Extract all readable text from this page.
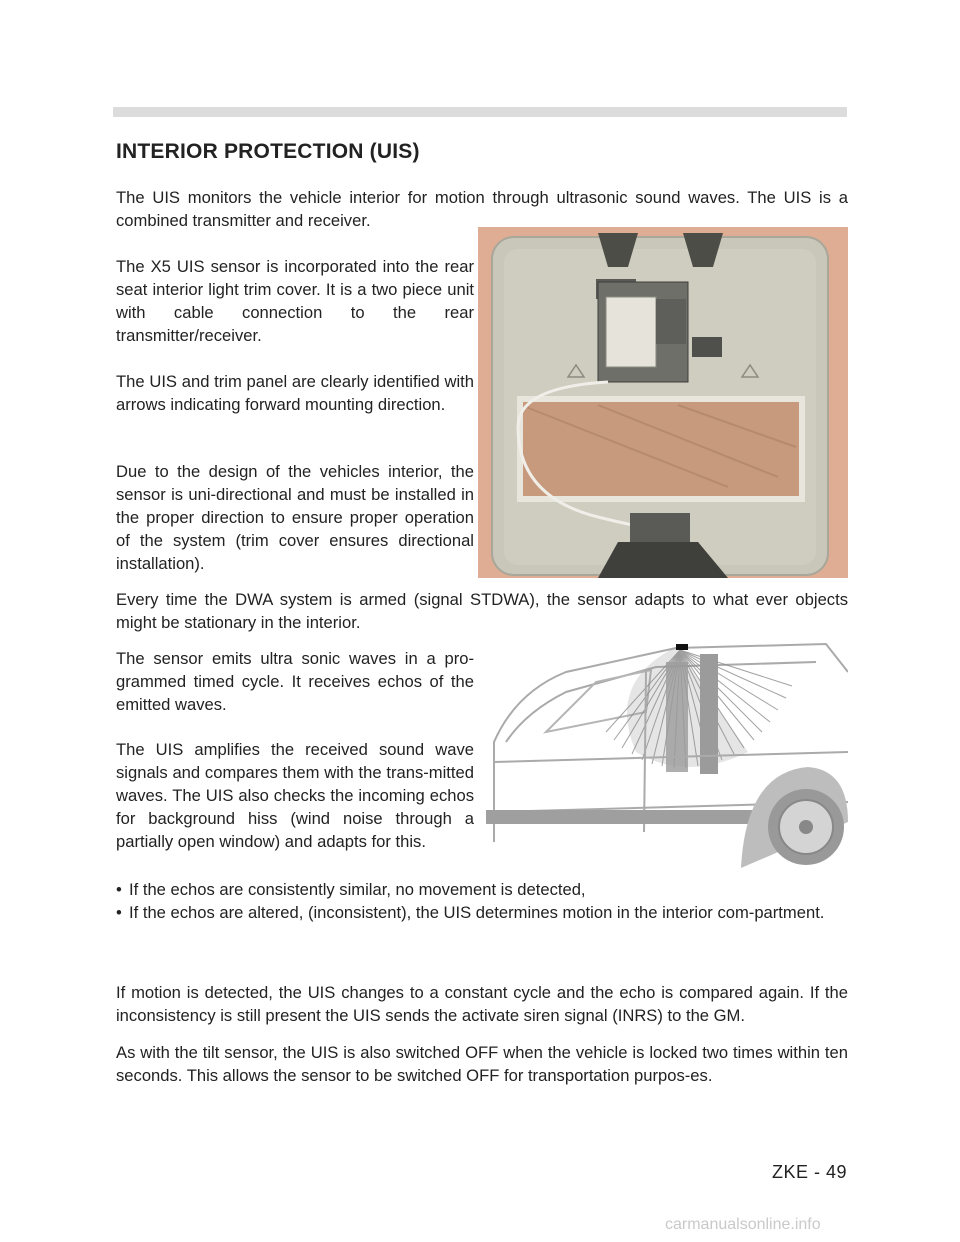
INTERIOR PROTECTION (UIS)

The UIS monitors the vehicle interior for motion through ultrasonic sound waves. The UIS is a combined transmitter and receiver.

The X5 UIS sensor is incorporated into the rear seat interior light trim cover. It is a two piece unit with cable connection to the rear transmitter/receiver.

The UIS and trim panel are clearly identified with arrows indicating forward mounting direction.

Due to the design of the vehicles interior, the sensor is uni-directional and must be installed in the proper direction to ensure proper operation of the system (trim cover ensures directional installation).

Every time the DWA system is armed (signal STDWA), the sensor adapts to what ever objects might be stationary in the interior.

The sensor emits ultra sonic waves in a pro-grammed timed cycle. It receives echos of the emitted waves.

The UIS amplifies the received sound wave signals and compares them with the trans-mitted waves. The UIS also checks the incoming echos for background hiss (wind noise through a partially open window) and adapts for this.

• If the echos are consistently similar, no movement is detected,
• If the echos are altered, (inconsistent), the UIS determines motion in the interior com-partment.

If motion is detected, the UIS changes to a constant cycle and the echo is compared again. If the inconsistency is still present the UIS sends the activate siren signal (INRS) to the GM.

As with the tilt sensor, the UIS is also switched OFF when the vehicle is locked two times within ten seconds. This allows the sensor to be switched OFF for transportation purpos-es.

ZKE - 49
carmanualsonline.info
